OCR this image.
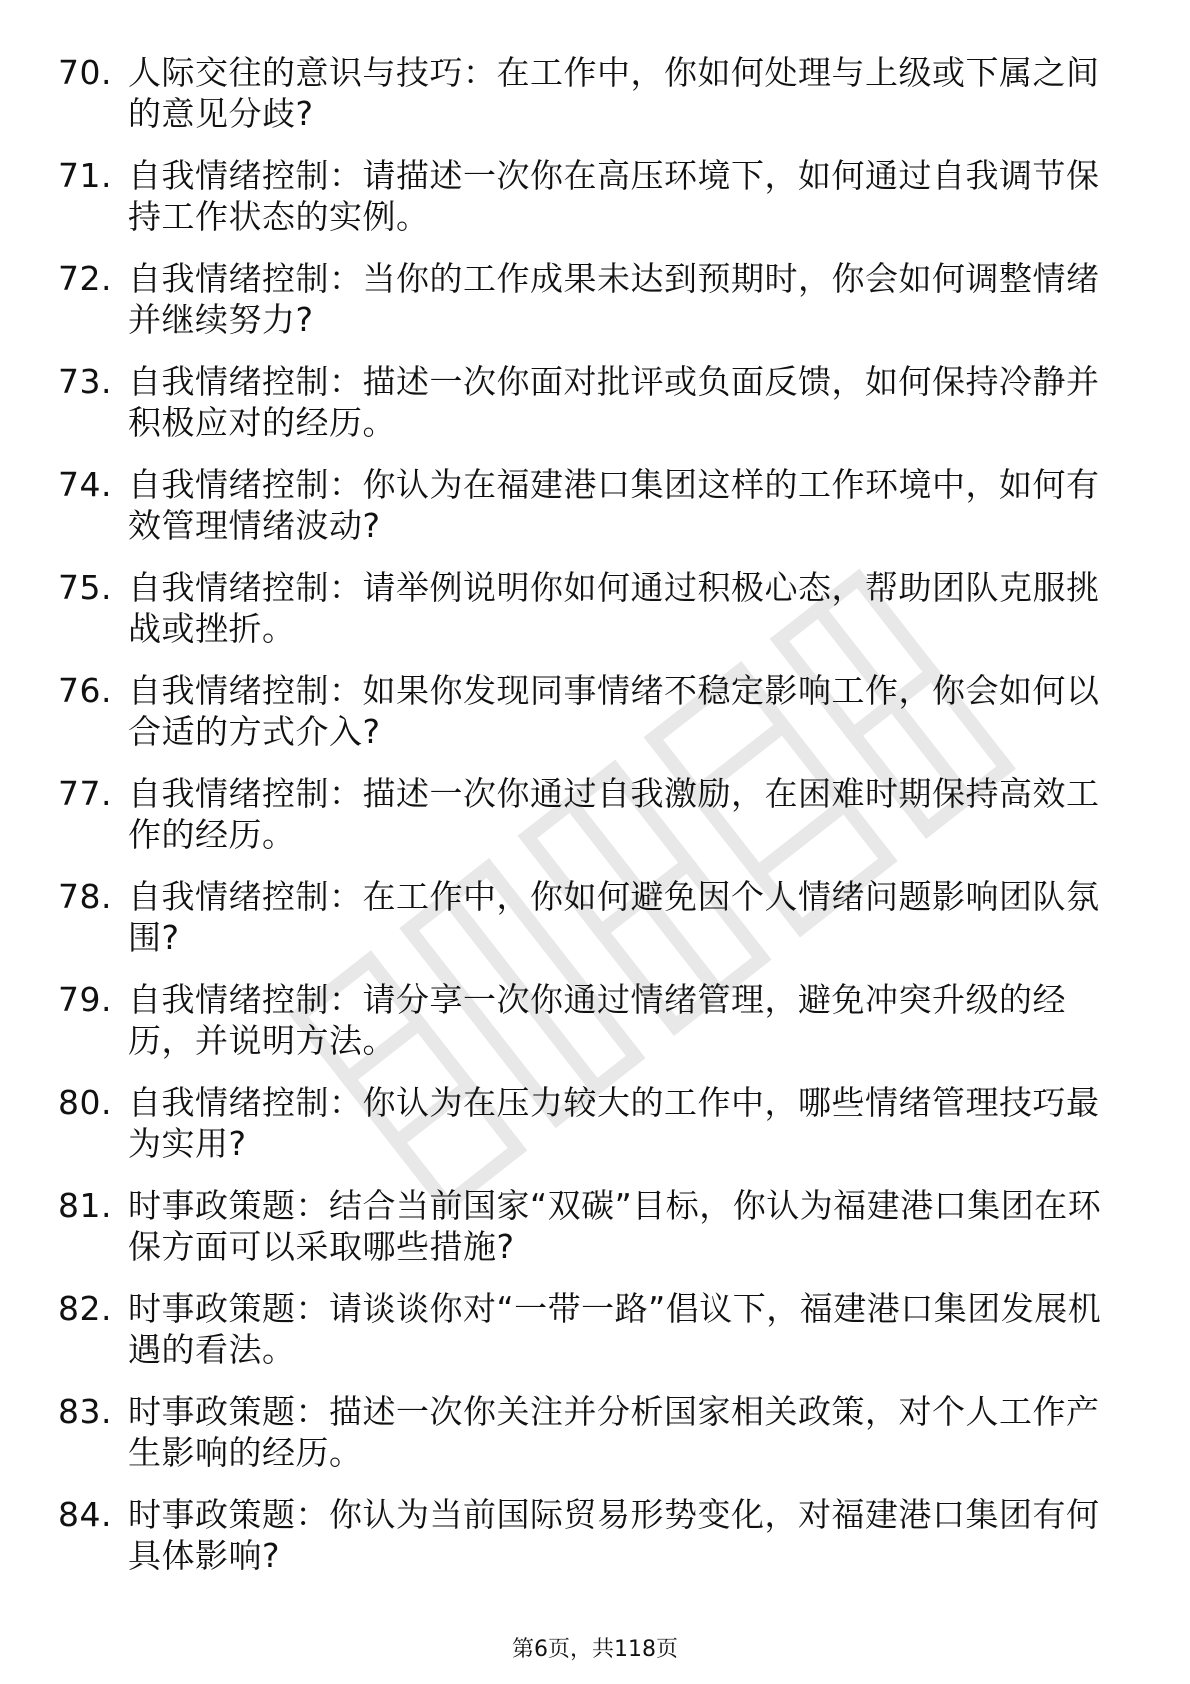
70. 人际交往的意识与技巧：在工作中，你如何处理与上级或下属之间的意见分歧?
71. 自我情绪控制：请描述一次你在高压环境下，如何通过自我调节保持工作状态的实例。
72. 自我情绪控制：当你的工作成果未达到预期时，你会如何调整情绪并继续努力?
73. 自我情绪控制：描述一次你面对批评或负面反馈，如何保持冷静并积极应对的经历。
74. 自我情绪控制：你认为在福建港口集团这样的工作环境中，如何有效管理情绪波动?
75. 自我情绪控制：请举例说明你如何通过积极心态，帮助团队克服挑战或挫折。
76. 自我情绪控制：如果你发现同事情绪不稳定影响工作，你会如何以合适的方式介入?
77. 自我情绪控制：描述一次你通过自我激励，在困难时期保持高效工作的经历。
78. 自我情绪控制：在工作中，你如何避免因个人情绪问题影响团队氛围?
79. 自我情绪控制：请分享一次你通过情绪管理，避免冲突升级的经历，并说明方法。
80. 自我情绪控制：你认为在压力较大的工作中，哪些情绪管理技巧最为实用?
81. 时事政策题：结合当前国家“双碳”目标，你认为福建港口集团在环保方面可以采取哪些措施?
82. 时事政策题：请谈谈你对“一带一路”倡议下，福建港口集团发展机遇的看法。
83. 时事政策题：描述一次你关注并分析国家相关政策，对个人工作产生影响的经历。
84. 时事政策题：你认为当前国际贸易形势变化，对福建港口集团有何具体影响?
第6页，共118页
